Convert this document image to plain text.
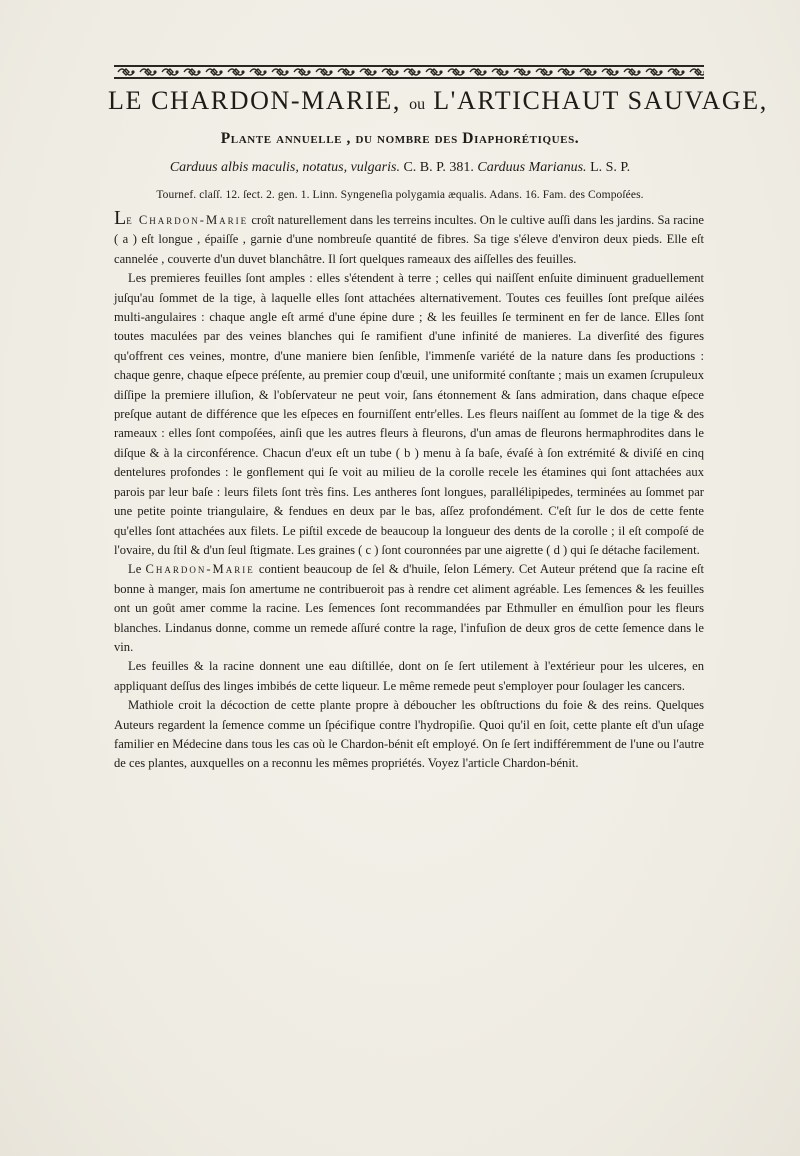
LE CHARDON-MARIE, ou L'ARTICHAUT SAUVAGE,
Plante annuelle , du nombre des Diaphorétiques.
Carduus albis maculis, notatus, vulgaris. C. B. P. 381. Carduus Marianus. L. S. P.
Tournef. claſſ. 12. ſect. 2. gen. 1. Linn. Syngeneſia polygamia æqualis. Adans. 16. Fam. des Compoſées.

Le Chardon-Marie croît naturellement dans les terreins incultes. On le cultive auſſi dans les jardins. Sa racine ( a ) eſt longue , épaiſſe , garnie d'une nombreuſe quantité de fibres. Sa tige s'éleve d'environ deux pieds. Elle eſt cannelée , couverte d'un duvet blanchâtre. Il ſort quelques rameaux des aiſſelles des feuilles.

Les premieres feuilles ſont amples : elles s'étendent à terre ; celles qui naiſſent enſuite diminuent graduellement juſqu'au ſommet de la tige, à laquelle elles ſont attachées alternativement. Toutes ces feuilles ſont preſque ailées multi-angulaires : chaque angle eſt armé d'une épine dure ; & les feuilles ſe terminent en fer de lance. Elles ſont toutes maculées par des veines blanches qui ſe ramifient d'une infinité de manieres. La diverſité des figures qu'offrent ces veines, montre, d'une maniere bien ſenſible, l'immenſe variété de la nature dans ſes productions : chaque genre, chaque eſpece préſente, au premier coup d'œuil, une uniformité conſtante ; mais un examen ſcrupuleux diſſipe la premiere illuſion, & l'obſervateur ne peut voir, ſans étonnement & ſans admiration, dans chaque eſpece preſque autant de différence que les eſpeces en fourniſſent entr'elles. Les fleurs naiſſent au ſommet de la tige & des rameaux : elles ſont compoſées, ainſi que les autres fleurs à fleurons, d'un amas de fleurons hermaphrodites dans le diſque & à la circonférence. Chacun d'eux eſt un tube ( b ) menu à ſa baſe, évaſé à ſon extrémité & diviſé en cinq dentelures profondes : le gonflement qui ſe voit au milieu de la corolle recele les étamines qui ſont attachées aux parois par leur baſe : leurs filets ſont très fins. Les antheres ſont longues, parallélipipedes, terminées au ſommet par une petite pointe triangulaire, & fendues en deux par le bas, aſſez profondément. C'eſt ſur le dos de cette fente qu'elles ſont attachées aux filets. Le piſtil excede de beaucoup la longueur des dents de la corolle ; il eſt compoſé de l'ovaire, du ſtil & d'un ſeul ſtigmate. Les graines ( c ) ſont couronnées par une aigrette ( d ) qui ſe détache facilement.

Le Chardon-Marie contient beaucoup de ſel & d'huile, ſelon Lémery. Cet Auteur prétend que ſa racine eſt bonne à manger, mais ſon amertume ne contribueroit pas à rendre cet aliment agréable. Les ſemences & les feuilles ont un goût amer comme la racine. Les ſemences ſont recommandées par Ethmuller en émulſion pour les fleurs blanches. Lindanus donne, comme un remede aſſuré contre la rage, l'infuſion de deux gros de cette ſemence dans le vin.

Les feuilles & la racine donnent une eau diſtillée, dont on ſe ſert utilement à l'extérieur pour les ulceres, en appliquant deſſus des linges imbibés de cette liqueur. Le même remede peut s'employer pour ſoulager les cancers.

Mathiole croit la décoction de cette plante propre à déboucher les obſtructions du foie & des reins. Quelques Auteurs regardent la ſemence comme un ſpécifique contre l'hydropiſie. Quoi qu'il en ſoit, cette plante eſt d'un uſage familier en Médecine dans tous les cas où le Chardon-bénit eſt employé. On ſe ſert indifféremment de l'une ou l'autre de ces plantes, auxquelles on a reconnu les mêmes propriétés. Voyez l'article Chardon-bénit.
